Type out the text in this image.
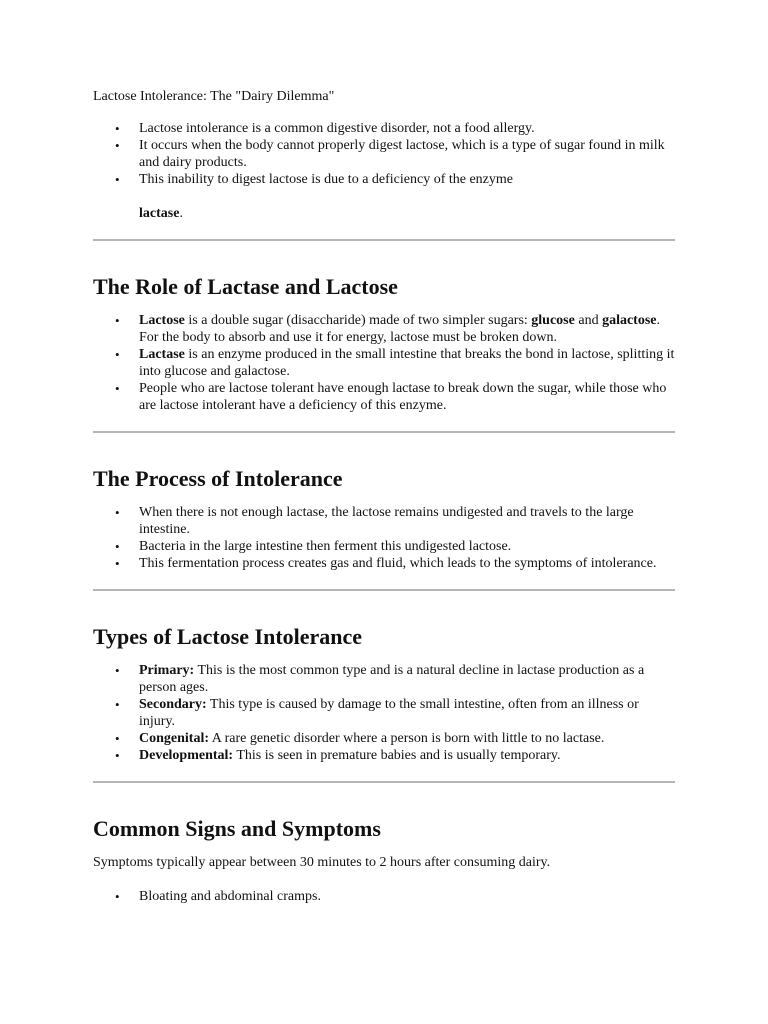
Lactose Intolerance: The "Dairy Dilemma"

• Lactose intolerance is a common digestive disorder, not a food allergy.
• It occurs when the body cannot properly digest lactose, which is a type of sugar found in milk and dairy products.
• This inability to digest lactose is due to a deficiency of the enzyme

lactase.

The Role of Lactase and Lactose
• Lactose is a double sugar (disaccharide) made of two simpler sugars: glucose and galactose. For the body to absorb and use it for energy, lactose must be broken down.
• Lactase is an enzyme produced in the small intestine that breaks the bond in lactose, splitting it into glucose and galactose.
• People who are lactose tolerant have enough lactase to break down the sugar, while those who are lactose intolerant have a deficiency of this enzyme.
The Process of Intolerance
• When there is not enough lactase, the lactose remains undigested and travels to the large intestine.
• Bacteria in the large intestine then ferment this undigested lactose.
• This fermentation process creates gas and fluid, which leads to the symptoms of intolerance.
Types of Lactose Intolerance
• Primary: This is the most common type and is a natural decline in lactase production as a person ages.
• Secondary: This type is caused by damage to the small intestine, often from an illness or injury.
• Congenital: A rare genetic disorder where a person is born with little to no lactase.
• Developmental: This is seen in premature babies and is usually temporary.
Common Signs and Symptoms

Symptoms typically appear between 30 minutes to 2 hours after consuming dairy.

• Bloating and abdominal cramps.
